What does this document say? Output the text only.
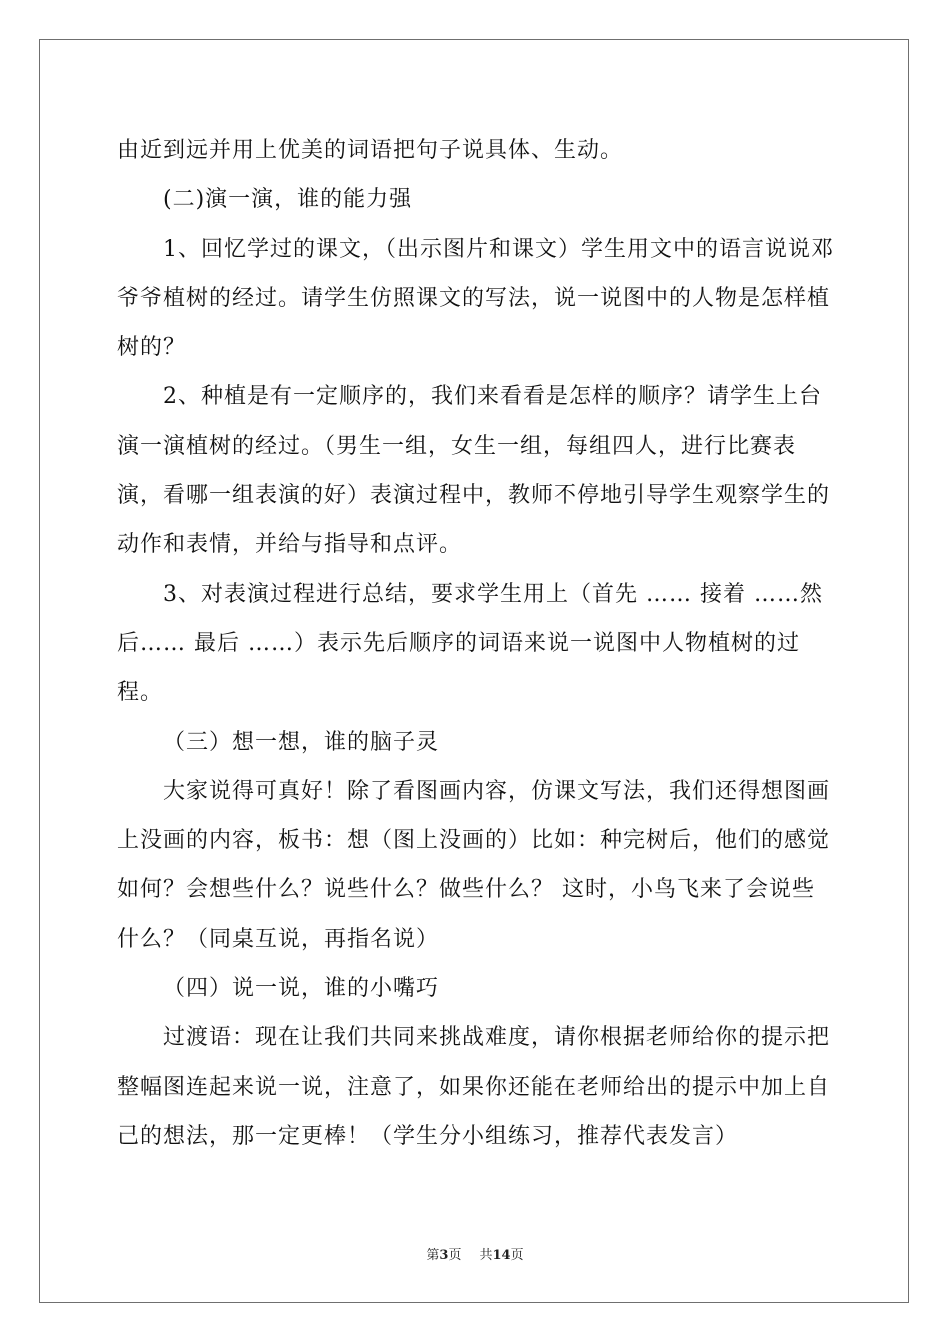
由近到远并用上优美的词语把句子说具体、生动。

(二)演一演，谁的能力强

1、回忆学过的课文，（出示图片和课文）学生用文中的语言说说邓爷爷植树的经过。请学生仿照课文的写法，说一说图中的人物是怎样植树的？

2、种植是有一定顺序的，我们来看看是怎样的顺序？请学生上台演一演植树的经过。（男生一组，女生一组，每组四人，进行比赛表演，看哪一组表演的好）表演过程中，教师不停地引导学生观察学生的动作和表情，并给与指导和点评。

3、对表演过程进行总结，要求学生用上（首先 …… 接着 ……然后…… 最后 ……）表示先后顺序的词语来说一说图中人物植树的过程。

（三）想一想，谁的脑子灵

大家说得可真好！除了看图画内容，仿课文写法，我们还得想图画上没画的内容，板书：想（图上没画的）比如：种完树后，他们的感觉如何？会想些什么？说些什么？做些什么？ 这时，小鸟飞来了会说些什么？（同桌互说，再指名说）

（四）说一说，谁的小嘴巧

过渡语：现在让我们共同来挑战难度，请你根据老师给你的提示把整幅图连起来说一说，注意了，如果你还能在老师给出的提示中加上自己的想法，那一定更棒！（学生分小组练习，推荐代表发言）

第3页 共14页
